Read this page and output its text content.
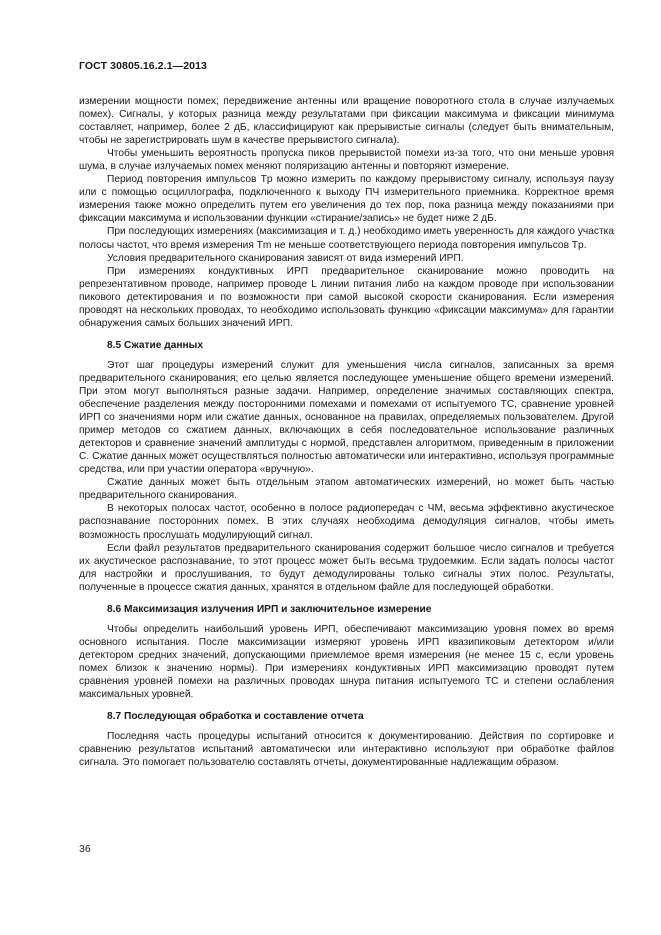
ГОСТ 30805.16.2.1—2013

измерении мощности помех; передвижение антенны или вращение поворотного стола в случае излучаемых помех). Сигналы, у которых разница между результатами при фиксации максимума и фиксации минимума составляет, например, более 2 дБ, классифицируют как прерывистые сигналы (следует быть внимательным, чтобы не зарегистрировать шум в качестве прерывистого сигнала).

Чтобы уменьшить вероятность пропуска пиков прерывистой помехи из-за того, что они меньше уровня шума, в случае излучаемых помех меняют поляризацию антенны и повторяют измерение.

Период повторения импульсов Tp можно измерить по каждому прерывистому сигналу, используя паузу или с помощью осциллографа, подключенного к выходу ПЧ измерительного приемника. Корректное время измерения также можно определить путем его увеличения до тех пор, пока разница между показаниями при фиксации максимума и использовании функции «стирание/запись» не будет ниже 2 дБ.

При последующих измерениях (максимизация и т. д.) необходимо иметь уверенность для каждого участка полосы частот, что время измерения Tm не меньше соответствующего периода повторения импульсов Tp.

Условия предварительного сканирования зависят от вида измерений ИРП.

При измерениях кондуктивных ИРП предварительное сканирование можно проводить на репрезентативном проводе, например проводе L линии питания либо на каждом проводе при использовании пикового детектирования и по возможности при самой высокой скорости сканирования. Если измерения проводят на нескольких проводах, то необходимо использовать функцию «фиксации максимума» для гарантии обнаружения самых больших значений ИРП.

8.5 Сжатие данных

Этот шаг процедуры измерений служит для уменьшения числа сигналов, записанных за время предварительного сканирования; его целью является последующее уменьшение общего времени измерений. При этом могут выполняться разные задачи. Например, определение значимых составляющих спектра, обеспечение разделения между посторонними помехами и помехами от испытуемого ТС, сравнение уровней ИРП со значениями норм или сжатие данных, основанное на правилах, определяемых пользователем. Другой пример методов со сжатием данных, включающих в себя последовательное использование различных детекторов и сравнение значений амплитуды с нормой, представлен алгоритмом, приведенным в приложении С. Сжатие данных может осуществляться полностью автоматически или интерактивно, используя программные средства, или при участии оператора «вручную».

Сжатие данных может быть отдельным этапом автоматических измерений, но может быть частью предварительного сканирования.

В некоторых полосах частот, особенно в полосе радиопередач с ЧМ, весьма эффективно акустическое распознавание посторонних помех. В этих случаях необходима демодуляция сигналов, чтобы иметь возможность прослушать модулирующий сигнал.

Если файл результатов предварительного сканирования содержит большое число сигналов и требуется их акустическое распознавание, то этот процесс может быть весьма трудоемким. Если задать полосы частот для настройки и прослушивания, то будут демодулированы только сигналы этих полос. Результаты, полученные в процессе сжатия данных, хранятся в отдельном файле для последующей обработки.

8.6 Максимизация излучения ИРП и заключительное измерение

Чтобы определить наибольший уровень ИРП, обеспечивают максимизацию уровня помех во время основного испытания. После максимизации измеряют уровень ИРП квазипиковым детектором и/или детектором средних значений, допускающими приемлемое время измерения (не менее 15 с, если уровень помех близок к значению нормы). При измерениях кондуктивных ИРП максимизацию проводят путем сравнения уровней помехи на различных проводах шнура питания испытуемого ТС и степени ослабления максимальных уровней.

8.7 Последующая обработка и составление отчета

Последняя часть процедуры испытаний относится к документированию. Действия по сортировке и сравнению результатов испытаний автоматически или интерактивно используют при обработке файлов сигнала. Это помогает пользователю составлять отчеты, документированные надлежащим образом.

36
